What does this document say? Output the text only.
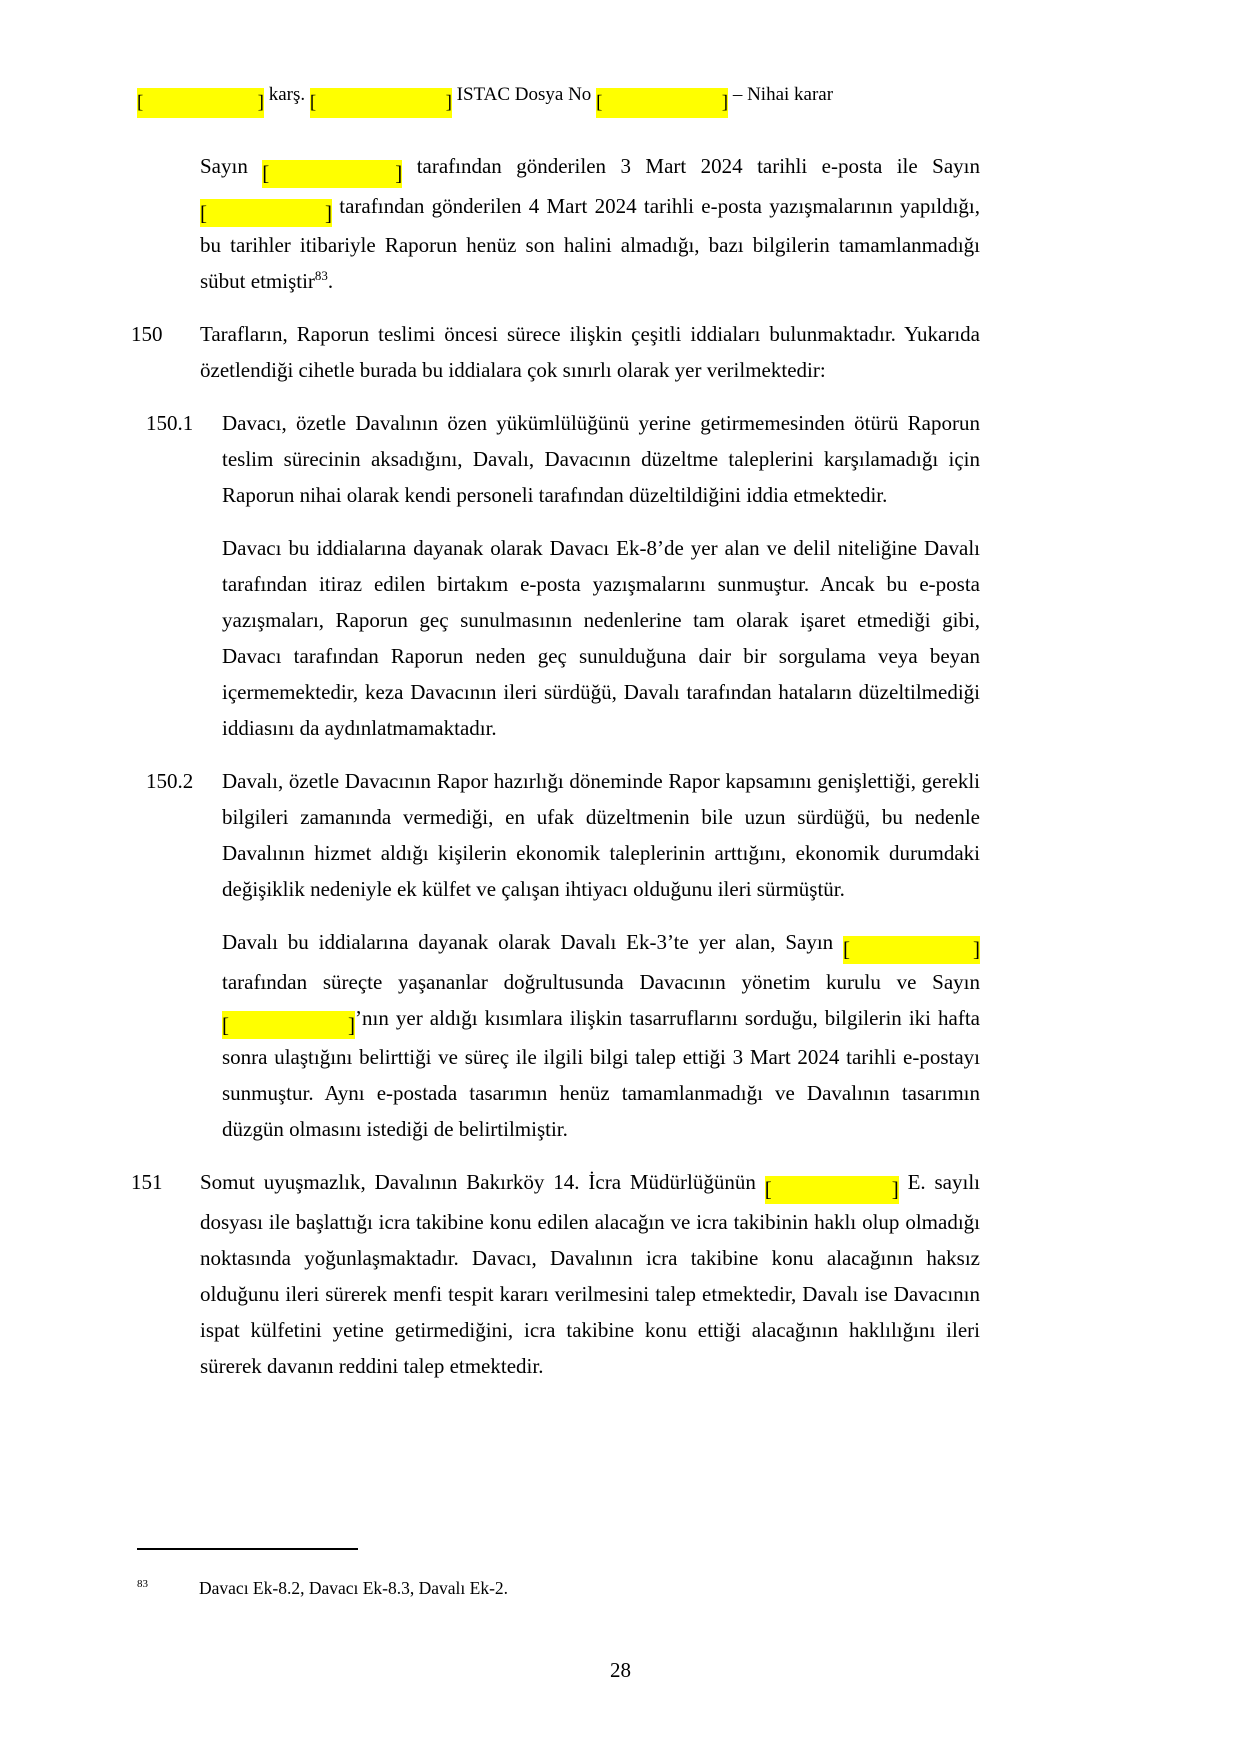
[	] karş. [	] ISTAC Dosya No [	] – Nihai karar
Sayın [	] tarafından gönderilen 3 Mart 2024 tarihli e-posta ile Sayın
[	] tarafından gönderilen 4 Mart 2024 tarihli e-posta yazışmalarının yapıldığı, bu tarihler itibariyle Raporun henüz son halini almadığı, bazı bilgilerin tamamlanmadığı sübut etmiştir$^{83}$.
150	Tarafların, Raporun teslimi öncesi sürece ilişkin çeşitli iddiaları bulunmaktadır. Yukarıda özetlendiği cihetle burada bu iddialara çok sınırlı olarak yer verilmektedir:
150.1	Davacı, özetle Davalının özen yükümlülüğünü yerine getirmemesinden ötürü Raporun teslim sürecinin aksadığını, Davalı, Davacının düzeltme taleplerini karşılamadığı için Raporun nihai olarak kendi personeli tarafından düzeltildiğini iddia etmektedir.
Davacı bu iddialarına dayanak olarak Davacı Ek-8’de yer alan ve delil niteliğine Davalı tarafından itiraz edilen birtakım e-posta yazışmalarını sunmuştur. Ancak bu e-posta yazışmaları, Raporun geç sunulmasının nedenlerine tam olarak işaret etmediği gibi, Davacı tarafından Raporun neden geç sunulduğuna dair bir sorgulama veya beyan içermemektedir, keza Davacının ileri sürdüğü, Davalı tarafından hataların düzeltilmediği iddiasını da aydınlatmamaktadır.
150.2	Davalı, özetle Davacının Rapor hazırlığı döneminde Rapor kapsamını genişlettiği, gerekli bilgileri zamanında vermediği, en ufak düzeltmenin bile uzun sürdüğü, bu nedenle Davalının hizmet aldığı kişilerin ekonomik taleplerinin arttığını, ekonomik durumdaki değişiklik nedeniyle ek külfet ve çalışan ihtiyacı olduğunu ileri sürmüştür.
Davalı bu iddialarına dayanak olarak Davalı Ek-3’te yer alan, Sayın [	]
tarafından süreçte yaşananlar doğrultusunda Davacının yönetim kurulu ve Sayın
[	] ’nın yer aldığı kısımlara ilişkin tasarruflarını sorduğu, bilgilerin iki hafta sonra ulaştığını belirttiği ve süreç ile ilgili bilgi talep ettiği 3 Mart 2024 tarihli e-postayı sunmuştur. Aynı e-postada tasarımın henüz tamamlanmadığı ve Davalının tasarımın düzgün olmasını istediği de belirtilmiştir.
151	Somut uyuşmazlık, Davalının Bakırköy 14. İcra Müdürlüğünün [	] E. sayılı dosyası ile başlattığı icra takibine konu edilen alacağın ve icra takibinin haklı olup olmadığı noktasında yoğunlaşmaktadır. Davacı, Davalının icra takibine konu alacağının haksız olduğunu ileri sürerek menfi tespit kararı verilmesini talep etmektedir, Davalı ise Davacının ispat külfetini yetine getirmediğini, icra takibine konu ettiği alacağının haklılığını ileri sürerek davanın reddini talep etmektedir.
83	Davacı Ek-8.2, Davacı Ek-8.3, Davalı Ek-2.
28
